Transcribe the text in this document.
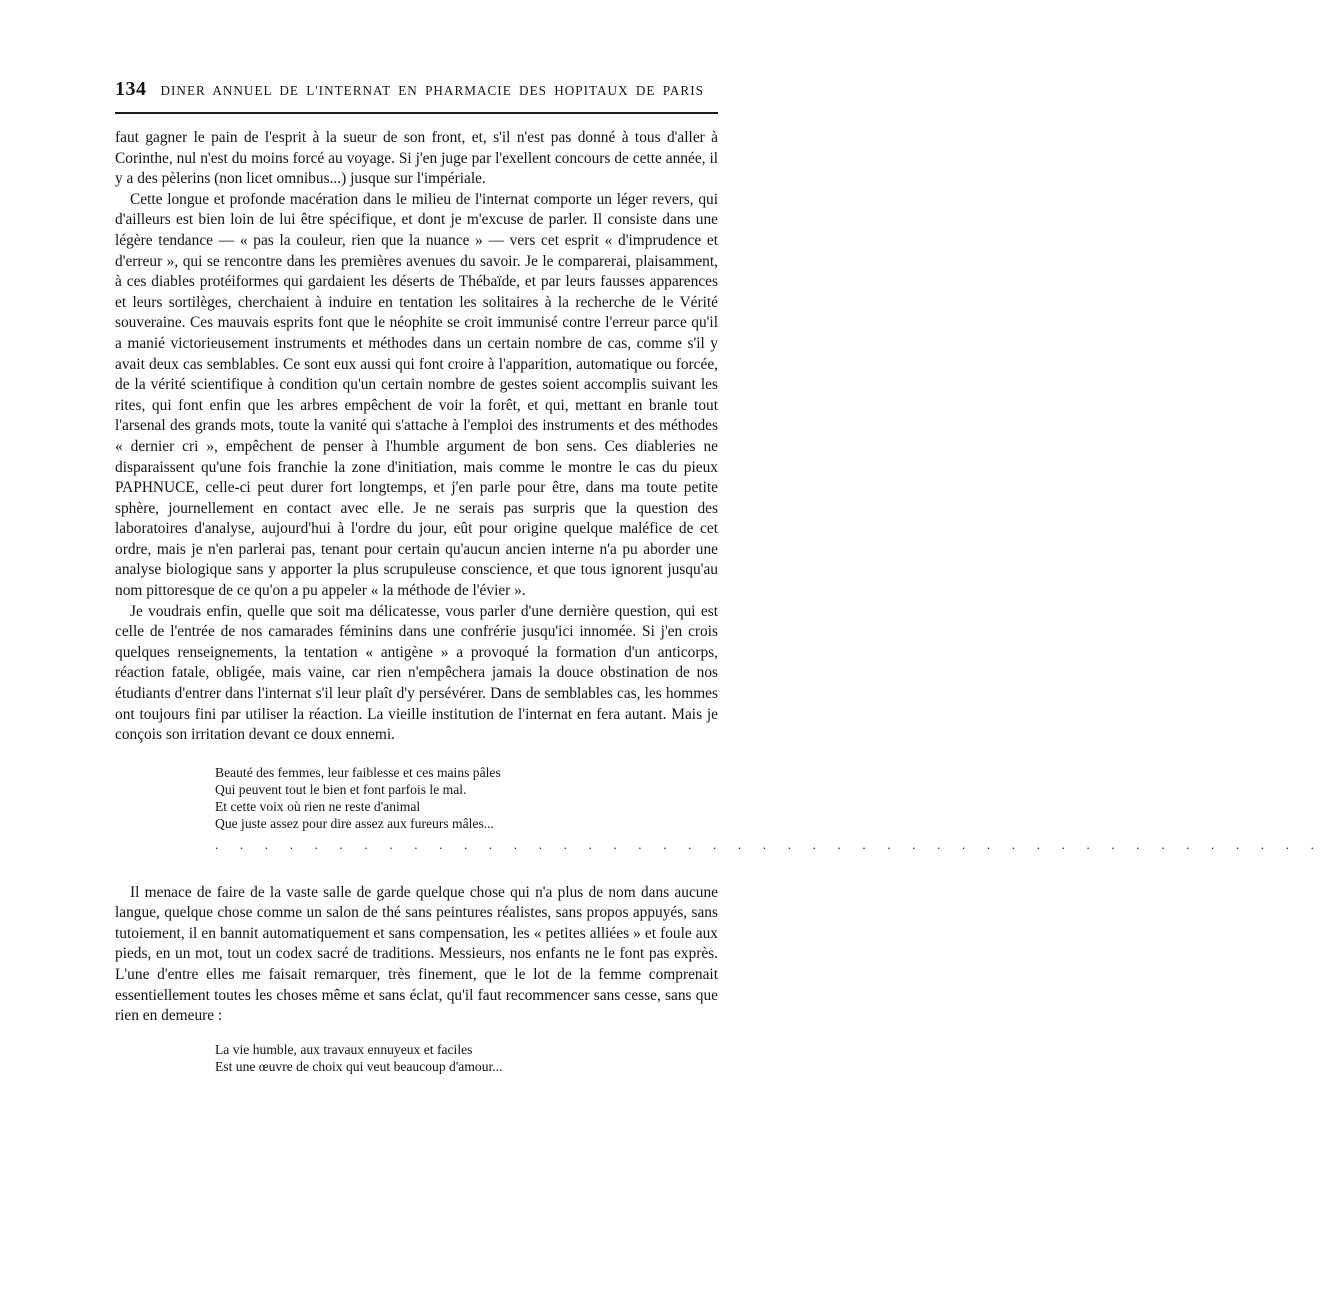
134 DINER ANNUEL DE L'INTERNAT EN PHARMACIE DES HOPITAUX DE PARIS

faut gagner le pain de l'esprit à la sueur de son front, et, s'il n'est pas donné à tous d'aller à Corinthe, nul n'est du moins forcé au voyage. Si j'en juge par l'exellent concours de cette année, il y a des pèlerins (non licet omnibus...) jusque sur l'impériale.

Cette longue et profonde macération dans le milieu de l'internat comporte un léger revers, qui d'ailleurs est bien loin de lui être spécifique, et dont je m'excuse de parler. Il consiste dans une légère tendance — « pas la couleur, rien que la nuance » — vers cet esprit « d'imprudence et d'erreur », qui se rencontre dans les premières avenues du savoir. Je le comparerai, plaisamment, à ces diables protéiformes qui gardaient les déserts de Thébaïde, et par leurs fausses apparences et leurs sortilèges, cherchaient à induire en tentation les solitaires à la recherche de le Vérité souveraine. Ces mauvais esprits font que le néophite se croit immunisé contre l'erreur parce qu'il a manié victorieusement instruments et méthodes dans un certain nombre de cas, comme s'il y avait deux cas semblables. Ce sont eux aussi qui font croire à l'apparition, automatique ou forcée, de la vérité scientifique à condition qu'un certain nombre de gestes soient accomplis suivant les rites, qui font enfin que les arbres empêchent de voir la forêt, et qui, mettant en branle tout l'arsenal des grands mots, toute la vanité qui s'attache à l'emploi des instruments et des méthodes « dernier cri », empêchent de penser à l'humble argument de bon sens. Ces diableries ne disparaissent qu'une fois franchie la zone d'initiation, mais comme le montre le cas du pieux PAPHNUCE, celle-ci peut durer fort longtemps, et j'en parle pour être, dans ma toute petite sphère, journellement en contact avec elle. Je ne serais pas surpris que la question des laboratoires d'analyse, aujourd'hui à l'ordre du jour, eût pour origine quelque maléfice de cet ordre, mais je n'en parlerai pas, tenant pour certain qu'aucun ancien interne n'a pu aborder une analyse biologique sans y apporter la plus scrupuleuse conscience, et que tous ignorent jusqu'au nom pittoresque de ce qu'on a pu appeler « la méthode de l'évier ».

Je voudrais enfin, quelle que soit ma délicatesse, vous parler d'une dernière question, qui est celle de l'entrée de nos camarades féminins dans une confrérie jusqu'ici innomée. Si j'en crois quelques renseignements, la tentation « antigène » a provoqué la formation d'un anticorps, réaction fatale, obligée, mais vaine, car rien n'empêchera jamais la douce obstination de nos étudiants d'entrer dans l'internat s'il leur plaît d'y persévérer. Dans de semblables cas, les hommes ont toujours fini par utiliser la réaction. La vieille institution de l'internat en fera autant. Mais je conçois son irritation devant ce doux ennemi.

Beauté des femmes, leur faiblesse et ces mains pâles
Qui peuvent tout le bien et font parfois le mal.
Et cette voix où rien ne reste d'animal
Que juste assez pour dire assez aux fureurs mâles...
. . . . . . . . . . . . . . . . . . . . . . . . . . . . . . . . . . . . . . . . . . . . .

Il menace de faire de la vaste salle de garde quelque chose qui n'a plus de nom dans aucune langue, quelque chose comme un salon de thé sans peintures réalistes, sans propos appuyés, sans tutoiement, il en bannit automatiquement et sans compensation, les « petites alliées » et foule aux pieds, en un mot, tout un codex sacré de traditions. Messieurs, nos enfants ne le font pas exprès. L'une d'entre elles me faisait remarquer, très finement, que le lot de la femme comprenait essentiellement toutes les choses même et sans éclat, qu'il faut recommencer sans cesse, sans que rien en demeure :

La vie humble, aux travaux ennuyeux et faciles
Est une œuvre de choix qui veut beaucoup d'amour...
